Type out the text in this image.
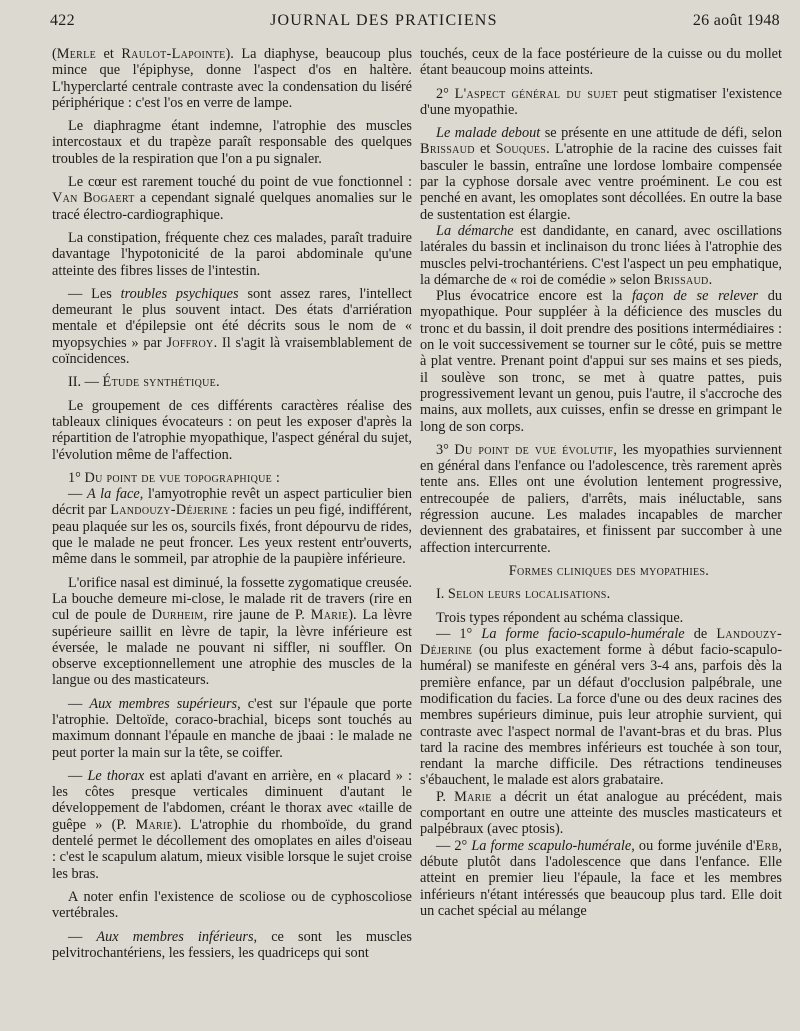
422	JOURNAL DES PRATICIENS	26 août 1948

(Merle et Raulot-Lapointe). La diaphyse, beaucoup plus mince que l'épiphyse, donne l'aspect d'os en haltère. L'hyperclarté centrale contraste avec la condensation du liséré périphérique : c'est l'os en verre de lampe.

Le diaphragme étant indemne, l'atrophie des muscles intercostaux et du trapèze paraît responsable des quelques troubles de la respiration que l'on a pu signaler.

Le cœur est rarement touché du point de vue fonctionnel : Van Bogaert a cependant signalé quelques anomalies sur le tracé électro-cardiographique.

La constipation, fréquente chez ces malades, paraît traduire davantage l'hypotonicité de la paroi abdominale qu'une atteinte des fibres lisses de l'intestin.

— Les troubles psychiques sont assez rares, l'intellect demeurant le plus souvent intact. Des états d'arriération mentale et d'épilepsie ont été décrits sous le nom de « myopsychies » par Joffroy. Il s'agit là vraisemblablement de coïncidences.

II. — Étude synthétique.

Le groupement de ces différents caractères réalise des tableaux cliniques évocateurs : on peut les exposer d'après la répartition de l'atrophie myopathique, l'aspect général du sujet, l'évolution même de l'affection.

1° Du point de vue topographique :

— A la face, l'amyotrophie revêt un aspect particulier bien décrit par Landouzy-Déjerine : facies un peu figé, indifférent, peau plaquée sur les os, sourcils fixés, front dépourvu de rides, que le malade ne peut froncer. Les yeux restent entr'ouverts, même dans le sommeil, par atrophie de la paupière inférieure.

L'orifice nasal est diminué, la fossette zygomatique creusée. La bouche demeure mi-close, le malade rit de travers (rire en cul de poule de Durheim, rire jaune de P. Marie). La lèvre supérieure saillit en lèvre de tapir, la lèvre inférieure est éversée, le malade ne pouvant ni siffler, ni souffler. On observe exceptionnellement une atrophie des muscles de la langue ou des masticateurs.

— Aux membres supérieurs, c'est sur l'épaule que porte l'atrophie. Deltoïde, coraco-brachial, biceps sont touchés au maximum donnant l'épaule en manche de jbaai : le malade ne peut porter la main sur la tête, se coiffer.

— Le thorax est aplati d'avant en arrière, en « placard » : les côtes presque verticales diminuent d'autant le développement de l'abdomen, créant le thorax avec «taille de guêpe » (P. Marie). L'atrophie du rhomboïde, du grand dentelé permet le décollement des omoplates en ailes d'oiseau : c'est le scapulum alatum, mieux visible lorsque le sujet croise les bras.

A noter enfin l'existence de scoliose ou de cyphoscoliose vertébrales.

— Aux membres inférieurs, ce sont les muscles pelvitrochantériens, les fessiers, les quadriceps qui sont

touchés, ceux de la face postérieure de la cuisse ou du mollet étant beaucoup moins atteints.

2° L'aspect général du sujet peut stigmatiser l'existence d'une myopathie.

Le malade debout se présente en une attitude de défi, selon Brissaud et Souques. L'atrophie de la racine des cuisses fait basculer le bassin, entraîne une lordose lombaire compensée par la cyphose dorsale avec ventre proéminent. Le cou est penché en avant, les omoplates sont décollées. En outre la base de sustentation est élargie.

La démarche est dandidante, en canard, avec oscillations latérales du bassin et inclinaison du tronc liées à l'atrophie des muscles pelvi-trochantériens. C'est l'aspect un peu emphatique, la démarche de « roi de comédie » selon Brissaud.

Plus évocatrice encore est la façon de se relever du myopathique. Pour suppléer à la déficience des muscles du tronc et du bassin, il doit prendre des positions intermédiaires : on le voit successivement se tourner sur le côté, puis se mettre à plat ventre. Prenant point d'appui sur ses mains et ses pieds, il soulève son tronc, se met à quatre pattes, puis progressivement levant un genou, puis l'autre, il s'accroche des mains, aux mollets, aux cuisses, enfin se dresse en grimpant le long de son corps.

3° Du point de vue évolutif, les myopathies surviennent en général dans l'enfance ou l'adolescence, très rarement après tente ans. Elles ont une évolution lentement progressive, entrecoupée de paliers, d'arrêts, mais inéluctable, sans régression aucune. Les malades incapables de marcher deviennent des grabataires, et finissent par succomber à une affection intercurrente.

Formes cliniques des myopathies.

I. Selon leurs localisations.

Trois types répondent au schéma classique.

— 1° La forme facio-scapulo-humérale de Landouzy-Déjerine (ou plus exactement forme à début facio-scapulo-huméral) se manifeste en général vers 3-4 ans, parfois dès la première enfance, par un défaut d'occlusion palpébrale, une modification du facies. La force d'une ou des deux racines des membres supérieurs diminue, puis leur atrophie survient, qui contraste avec l'aspect normal de l'avant-bras et du bras. Plus tard la racine des membres inférieurs est touchée à son tour, rendant la marche difficile. Des rétractions tendineuses s'ébauchent, le malade est alors grabataire.

P. Marie a décrit un état analogue au précédent, mais comportant en outre une atteinte des muscles masticateurs et palpébraux (avec ptosis).

— 2° La forme scapulo-humérale, ou forme juvénile d'Erb, débute plutôt dans l'adolescence que dans l'enfance. Elle atteint en premier lieu l'épaule, la face et les membres inférieurs n'étant intéressés que beaucoup plus tard. Elle doit un cachet spécial au mélange
